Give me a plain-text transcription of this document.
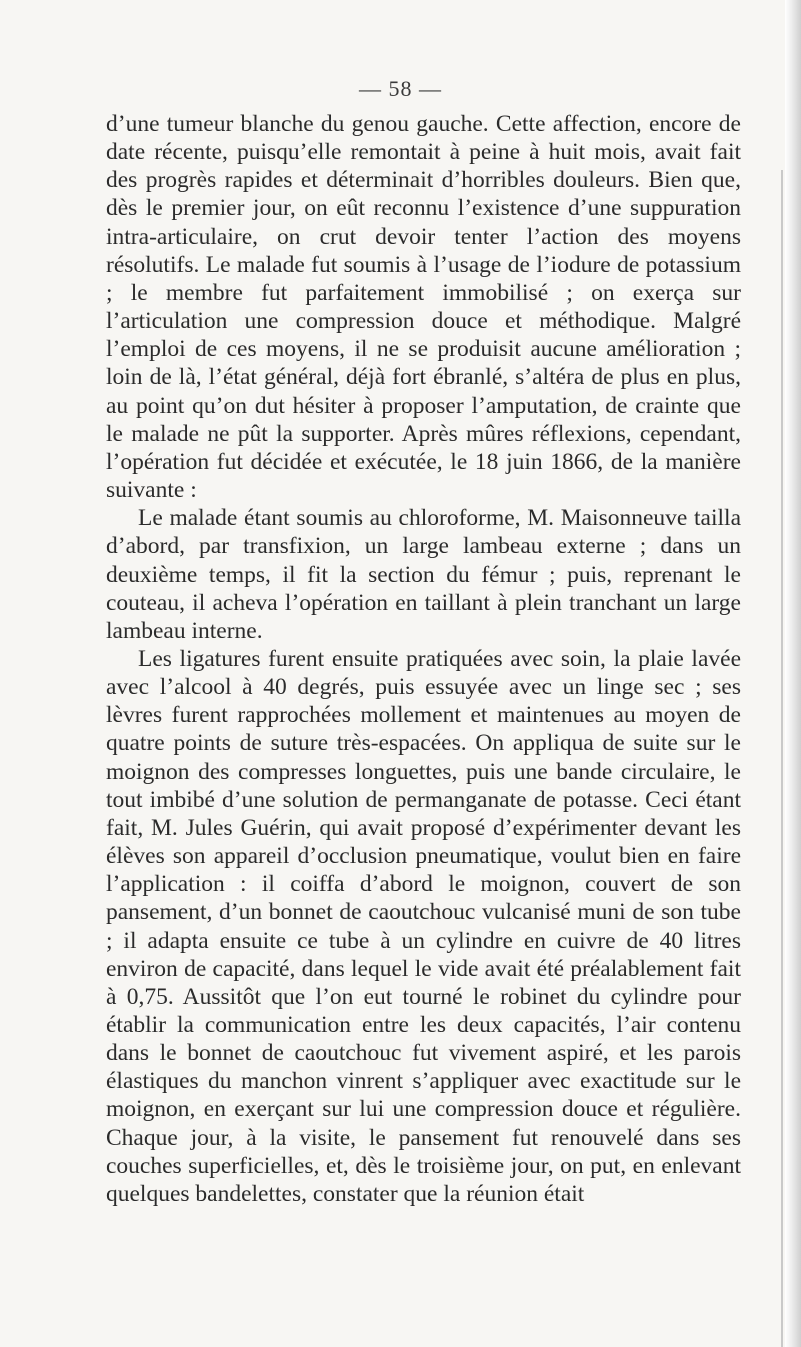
— 58 —

d’une tumeur blanche du genou gauche. Cette affection, encore de date récente, puisqu’elle remontait à peine à huit mois, avait fait des progrès rapides et déterminait d’horribles douleurs. Bien que, dès le premier jour, on eût reconnu l’existence d’une suppuration intra-articulaire, on crut devoir tenter l’action des moyens résolutifs. Le malade fut soumis à l’usage de l’iodure de potassium ; le membre fut parfaitement immobilisé ; on exerça sur l’articulation une compression douce et méthodique. Malgré l’emploi de ces moyens, il ne se produisit aucune amélioration ; loin de là, l’état général, déjà fort ébranlé, s’altéra de plus en plus, au point qu’on dut hésiter à proposer l’amputation, de crainte que le malade ne pût la supporter. Après mûres réflexions, cependant, l’opération fut décidée et exécutée, le 18 juin 1866, de la manière suivante :

Le malade étant soumis au chloroforme, M. Maisonneuve tailla d’abord, par transfixion, un large lambeau externe ; dans un deuxième temps, il fit la section du fémur ; puis, reprenant le couteau, il acheva l’opération en taillant à plein tranchant un large lambeau interne.

Les ligatures furent ensuite pratiquées avec soin, la plaie lavée avec l’alcool à 40 degrés, puis essuyée avec un linge sec ; ses lèvres furent rapprochées mollement et maintenues au moyen de quatre points de suture très-espacées. On appliqua de suite sur le moignon des compresses longuettes, puis une bande circulaire, le tout imbibé d’une solution de permanganate de potasse. Ceci étant fait, M. Jules Guérin, qui avait proposé d’expérimenter devant les élèves son appareil d’occlusion pneumatique, voulut bien en faire l’application : il coiffa d’abord le moignon, couvert de son pansement, d’un bonnet de caoutchouc vulcanisé muni de son tube ; il adapta ensuite ce tube à un cylindre en cuivre de 40 litres environ de capacité, dans lequel le vide avait été préalablement fait à 0,75. Aussitôt que l’on eut tourné le robinet du cylindre pour établir la communication entre les deux capacités, l’air contenu dans le bonnet de caoutchouc fut vivement aspiré, et les parois élastiques du manchon vinrent s’appliquer avec exactitude sur le moignon, en exerçant sur lui une compression douce et régulière. Chaque jour, à la visite, le pansement fut renouvelé dans ses couches superficielles, et, dès le troisième jour, on put, en enlevant quelques bandelettes, constater que la réunion était
